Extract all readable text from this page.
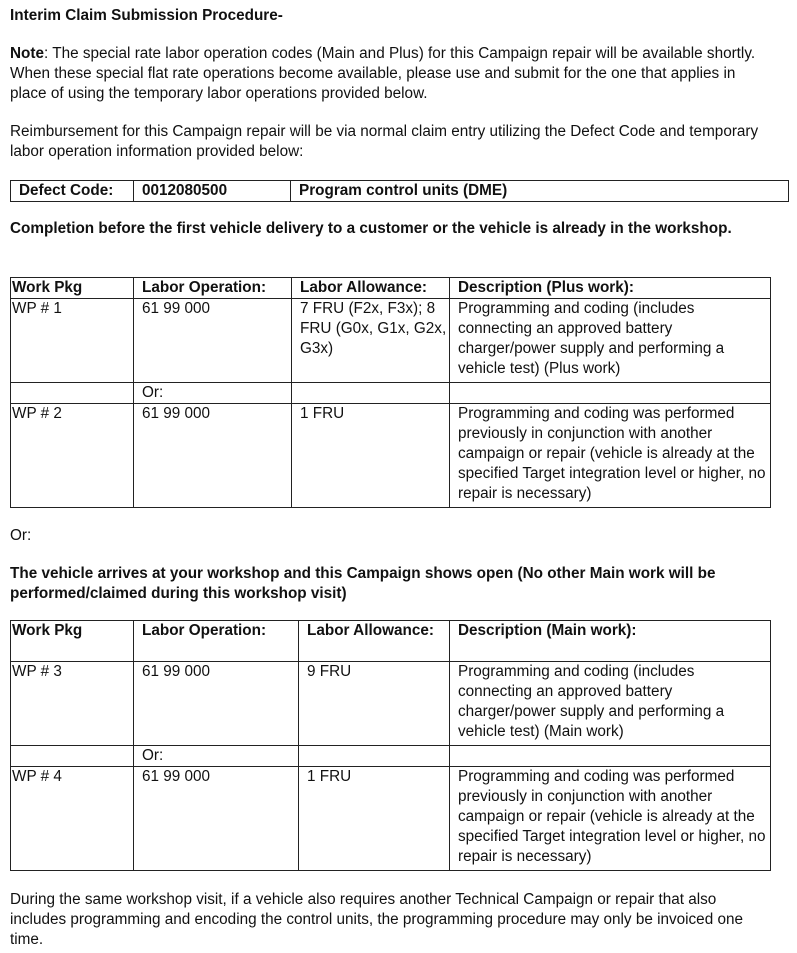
Interim Claim Submission Procedure-

Note: The special rate labor operation codes (Main and Plus) for this Campaign repair will be available shortly. When these special flat rate operations become available, please use and submit for the one that applies in place of using the temporary labor operations provided below.

Reimbursement for this Campaign repair will be via normal claim entry utilizing the Defect Code and temporary labor operation information provided below:

Defect Code:	0012080500	Program control units (DME)

Completion before the first vehicle delivery to a customer or the vehicle is already in the workshop.

Work Pkg	Labor Operation:	Labor Allowance:	Description (Plus work):
WP # 1	61 99 000	7 FRU (F2x, F3x); 8 FRU (G0x, G1x, G2x, G3x)	Programming and coding (includes connecting an approved battery charger/power supply and performing a vehicle test) (Plus work)
	Or:		
WP # 2	61 99 000	1 FRU	Programming and coding was performed previously in conjunction with another campaign or repair (vehicle is already at the specified Target integration level or higher, no repair is necessary)

Or:

The vehicle arrives at your workshop and this Campaign shows open (No other Main work will be performed/claimed during this workshop visit)

Work Pkg	Labor Operation:	Labor Allowance:	Description (Main work):
WP # 3	61 99 000	9 FRU	Programming and coding (includes connecting an approved battery charger/power supply and performing a vehicle test) (Main work)
	Or:		
WP # 4	61 99 000	1 FRU	Programming and coding was performed previously in conjunction with another campaign or repair (vehicle is already at the specified Target integration level or higher, no repair is necessary)

During the same workshop visit, if a vehicle also requires another Technical Campaign or repair that also includes programming and encoding the control units, the programming procedure may only be invoiced one time.
